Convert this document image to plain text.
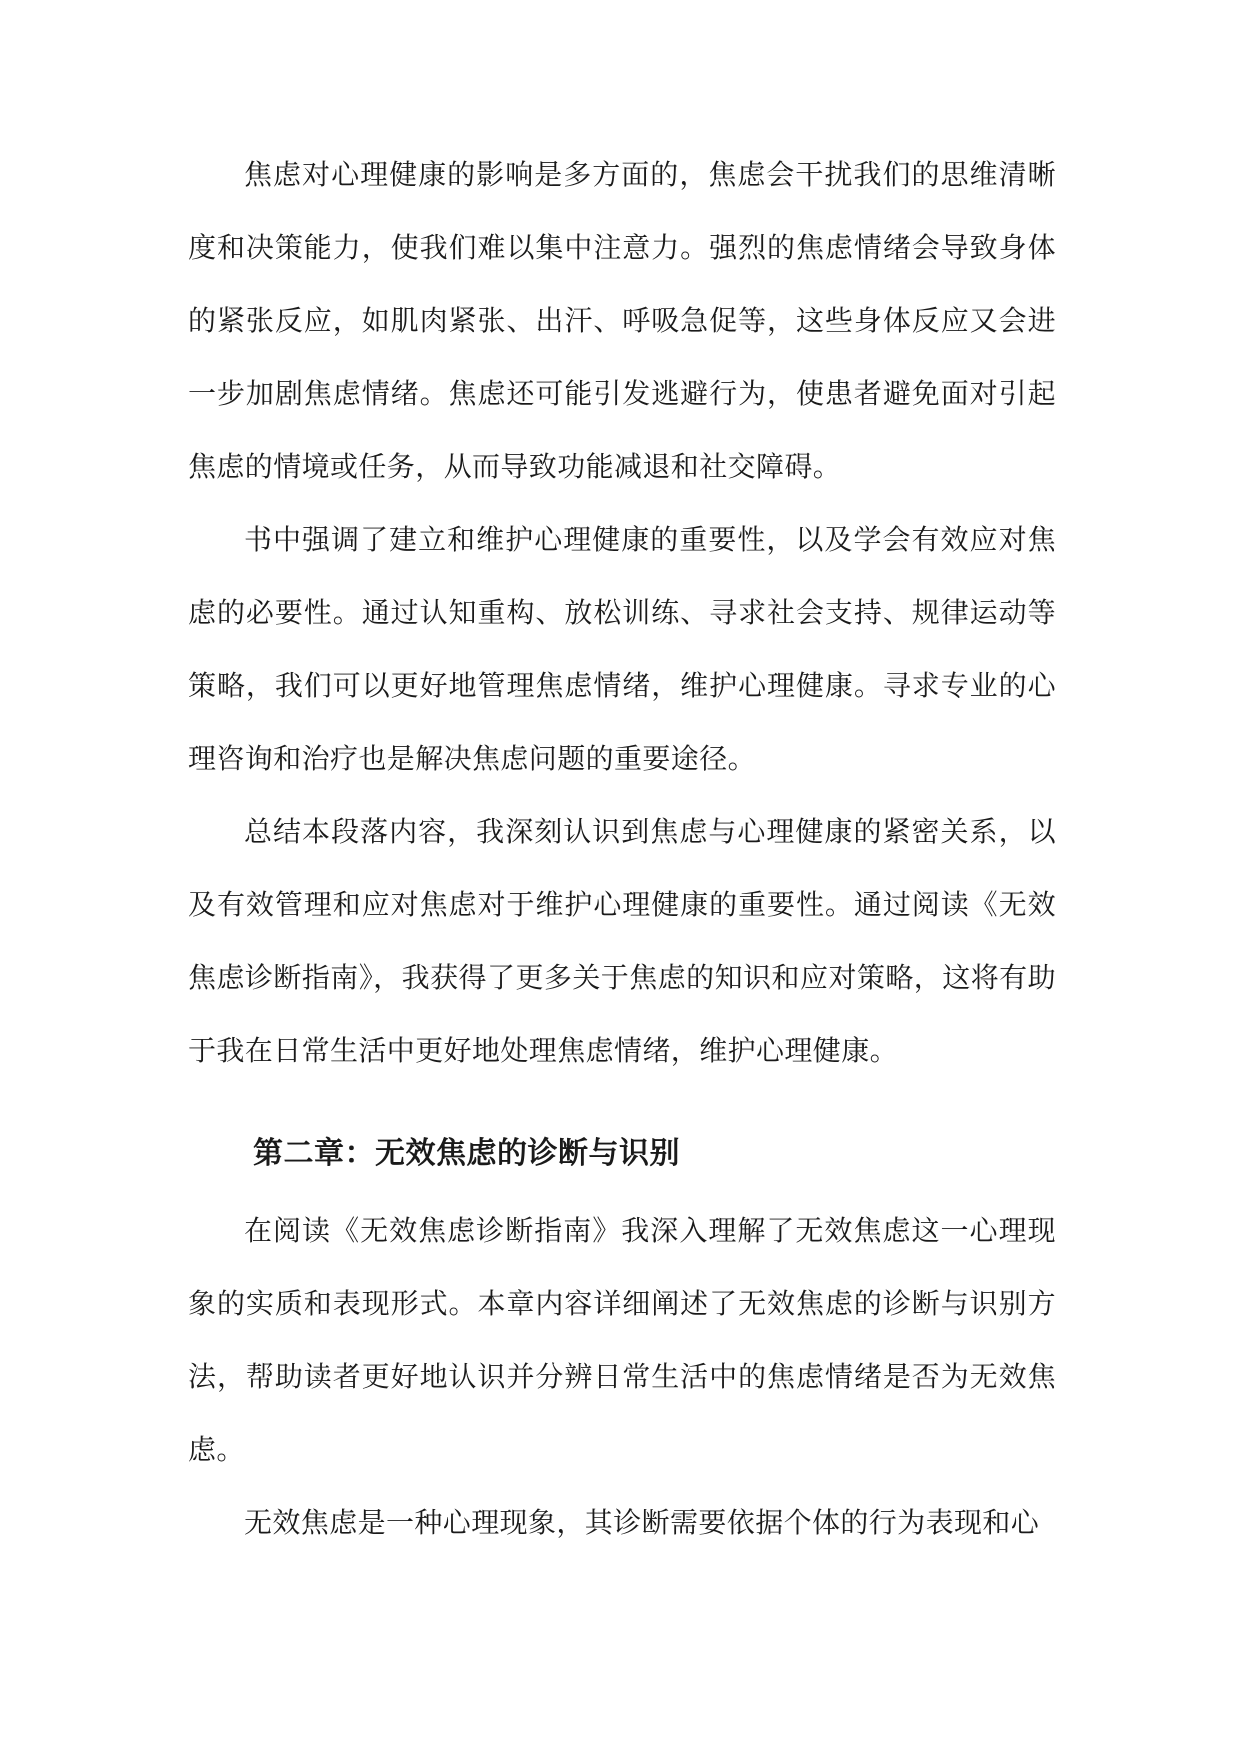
焦虑对心理健康的影响是多方面的，焦虑会干扰我们的思维清晰度和决策能力，使我们难以集中注意力。强烈的焦虑情绪会导致身体的紧张反应，如肌肉紧张、出汗、呼吸急促等，这些身体反应又会进一步加剧焦虑情绪。焦虑还可能引发逃避行为，使患者避免面对引起焦虑的情境或任务，从而导致功能减退和社交障碍。

书中强调了建立和维护心理健康的重要性，以及学会有效应对焦虑的必要性。通过认知重构、放松训练、寻求社会支持、规律运动等策略，我们可以更好地管理焦虑情绪，维护心理健康。寻求专业的心理咨询和治疗也是解决焦虑问题的重要途径。

总结本段落内容，我深刻认识到焦虑与心理健康的紧密关系，以及有效管理和应对焦虑对于维护心理健康的重要性。通过阅读《无效焦虑诊断指南》，我获得了更多关于焦虑的知识和应对策略，这将有助于我在日常生活中更好地处理焦虑情绪，维护心理健康。

第二章：无效焦虑的诊断与识别

在阅读《无效焦虑诊断指南》我深入理解了无效焦虑这一心理现象的实质和表现形式。本章内容详细阐述了无效焦虑的诊断与识别方法，帮助读者更好地认识并分辨日常生活中的焦虑情绪是否为无效焦虑。

无效焦虑是一种心理现象，其诊断需要依据个体的行为表现和心
